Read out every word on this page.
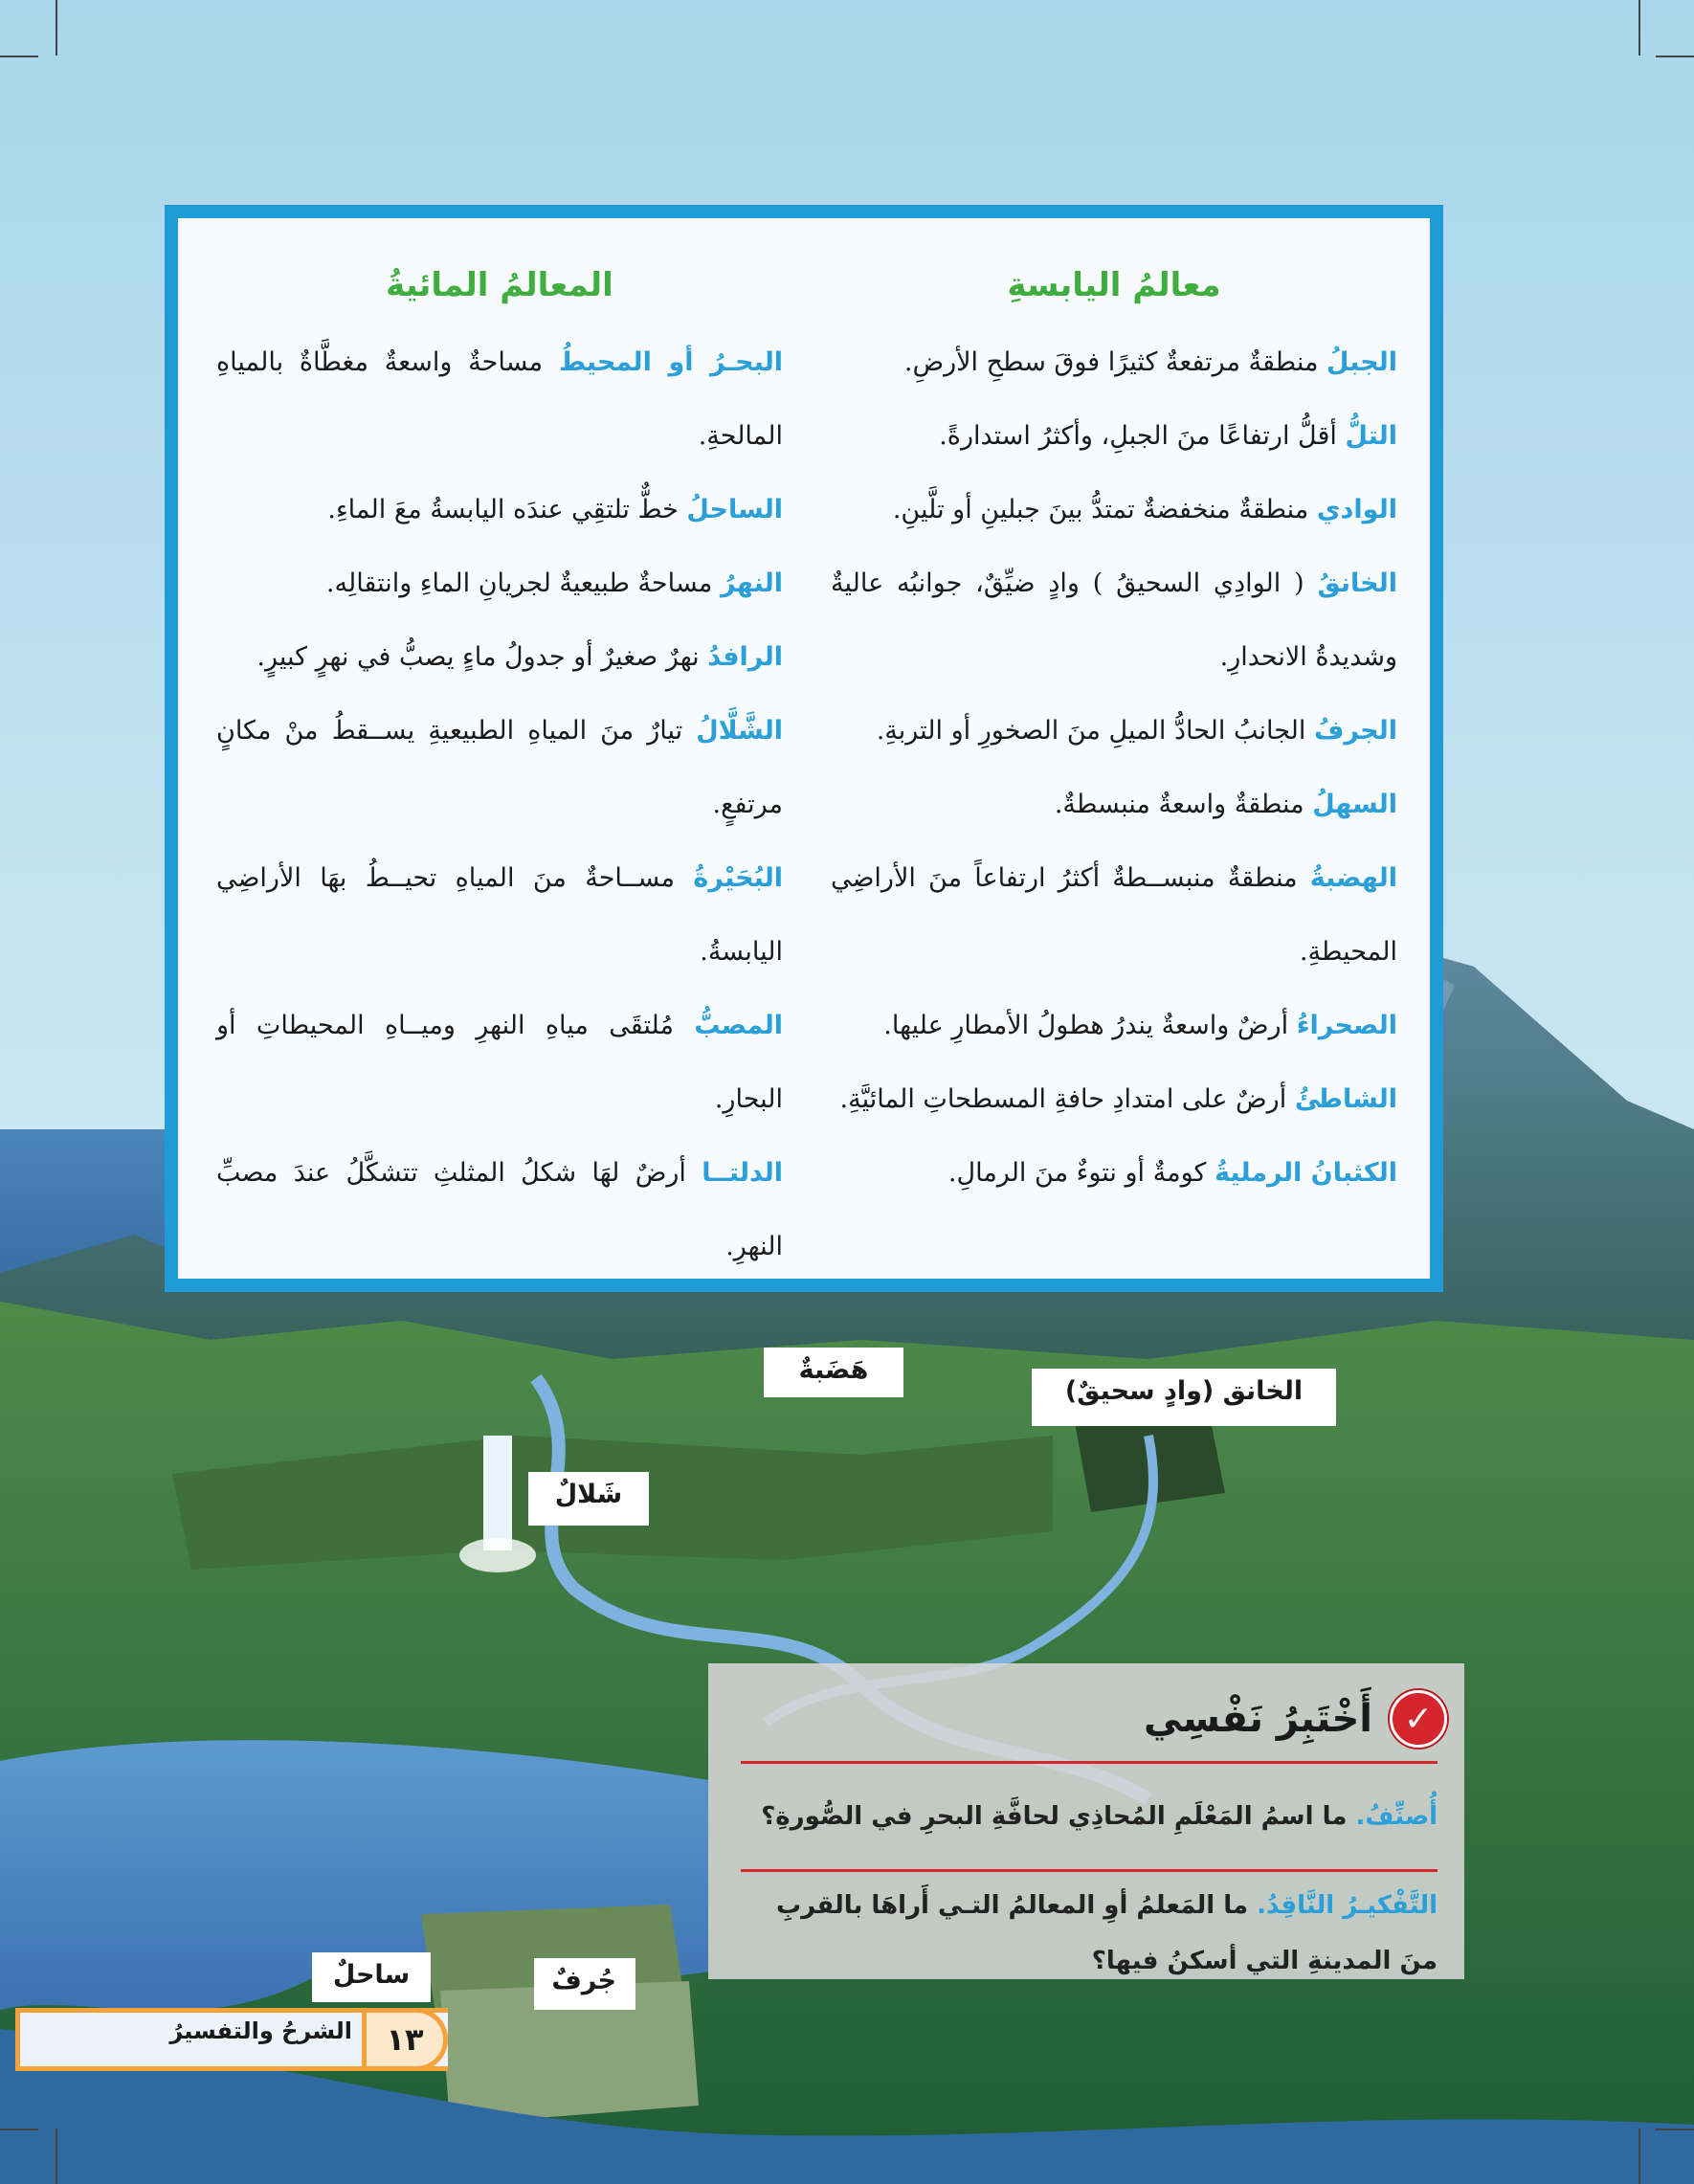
معالمُ اليابسةِ

الجبلُ منطقةٌ مرتفعةٌ كثيرًا فوقَ سطحِ الأرضِ.

التلُّ أقلُّ ارتفاعًا منَ الجبلِ، وأكثرُ استدارةً.

الوادي منطقةٌ منخفضةٌ تمتدُّ بينَ جبلينِ أو تلَّينِ.

الخانقُ ( الوادِي السحيقُ ) وادٍ ضيِّقٌ، جوانبُه عاليةٌ وشديدةُ الانحدارِ.

الجرفُ الجانبُ الحادُّ الميلِ منَ الصخورِ أو التربةِ.

السهلُ منطقةٌ واسعةٌ منبسطةٌ.

الهضبةُ منطقةٌ منبســطةٌ أكثرُ ارتفاعاً منَ الأراضِي المحيطةِ.

الصحراءُ أرضٌ واسعةٌ يندرُ هطولُ الأمطارِ عليها.

الشاطئُ أرضٌ على امتدادِ حافةِ المسطحاتِ المائيَّةِ.

الكثبانُ الرمليةُ كومةٌ أو نتوءٌ منَ الرمالِ.

المعالمُ المائيةُ

البحـرُ أو المحيطُ مساحةٌ واسعةٌ مغطَّاةٌ بالمياهِ المالحةِ.

الساحلُ خطٌّ تلتقِي عندَه اليابسةُ معَ الماءِ.

النهرُ مساحةٌ طبيعيةٌ لجريانِ الماءِ وانتقالِه.

الرافدُ نهرٌ صغيرٌ أو جدولُ ماءٍ يصبُّ في نهرٍ كبيرٍ.

الشَّلَّالُ تيارٌ منَ المياهِ الطبيعيةِ يســقطُ منْ مكانٍ مرتفعٍ.

البُحَيْرةُ مســاحةٌ منَ المياهِ تحيــطُ بهَا الأراضِي اليابسةُ.

المصبُّ مُلتقَى مياهِ النهرِ وميــاهِ المحيطاتِ أو البحارِ.

الدلتــا أرضٌ لهَا شكلُ المثلثِ تتشكَّلُ عندَ مصبِّ النهرِ.

هَضَبةٌ
الخانق (وادٍ سحيقٌ)
شَلالٌ
ساحلٌ	جُرفٌ
✓
أَخْتَبِرُ نَفْسِي

أُصنِّفُ. ما اسمُ المَعْلَمِ المُحاذِي لحافَّةِ البحرِ في الصُّورةِ؟

التَّفْكيـرُ النَّاقِدُ. ما المَعلمُ أوِ المعالمُ التـي أَراهَا بالقربِ منَ المدينةِ التي أسكنُ فيها؟

الشرحُ والتفسيرُ	١٣
